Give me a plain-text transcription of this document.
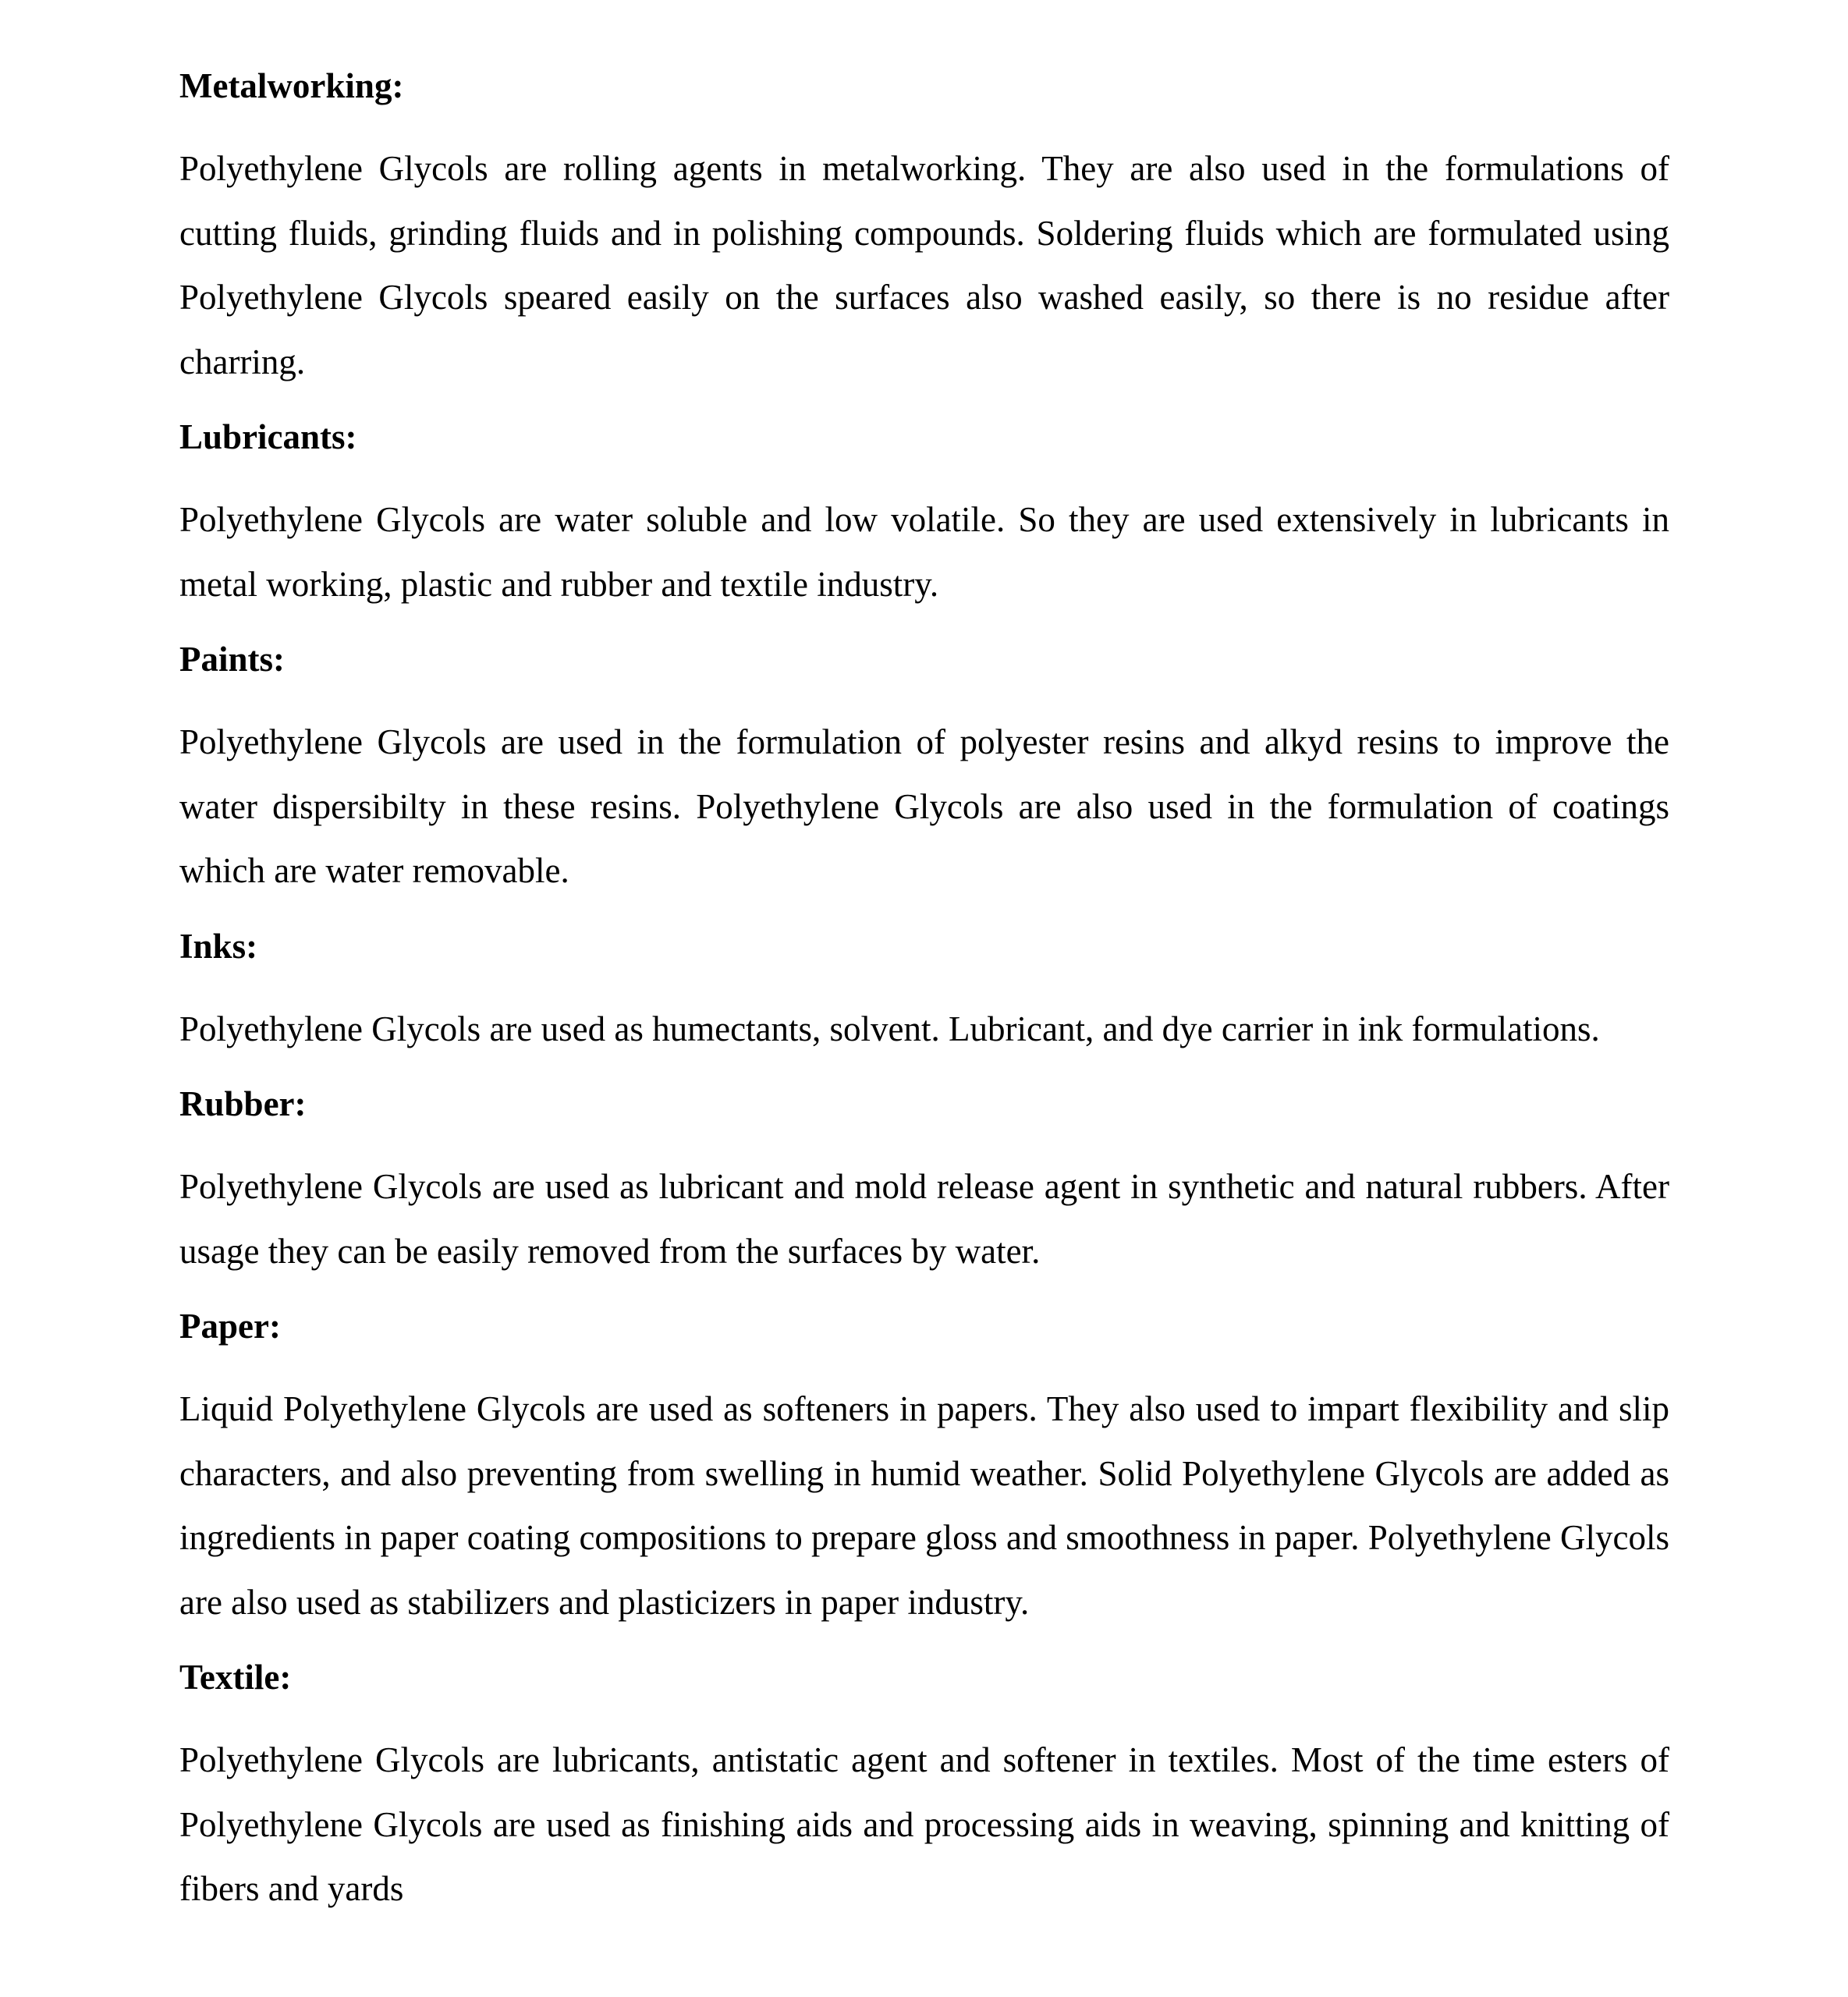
Metalworking:
Polyethylene Glycols are rolling agents in metalworking. They are also used in the formulations of cutting fluids, grinding fluids and in polishing compounds. Soldering fluids which are formulated using Polyethylene Glycols speared easily on the surfaces also washed easily, so there is no residue after charring.
Lubricants:
Polyethylene Glycols are water soluble and low volatile. So they are used extensively in lubricants in metal working, plastic and rubber and textile industry.
Paints:
Polyethylene Glycols are used in the formulation of polyester resins and alkyd resins to improve the water dispersibilty in these resins. Polyethylene Glycols are also used in the formulation of coatings which are water removable.
Inks:
Polyethylene Glycols are used as humectants, solvent. Lubricant, and dye carrier in ink formulations.
Rubber:
Polyethylene Glycols are used as lubricant and mold release agent in synthetic and natural rubbers. After usage they can be easily removed from the surfaces by water.
Paper:
Liquid Polyethylene Glycols are used as softeners in papers. They also used to impart flexibility and slip characters, and also preventing from swelling in humid weather. Solid Polyethylene Glycols are added as ingredients in paper coating compositions to prepare gloss and smoothness in paper. Polyethylene Glycols are also used as stabilizers and plasticizers in paper industry.
Textile:
Polyethylene Glycols are lubricants, antistatic agent and softener in textiles. Most of the time esters of Polyethylene Glycols are used as finishing aids and processing aids in weaving, spinning and knitting of fibers and yards
